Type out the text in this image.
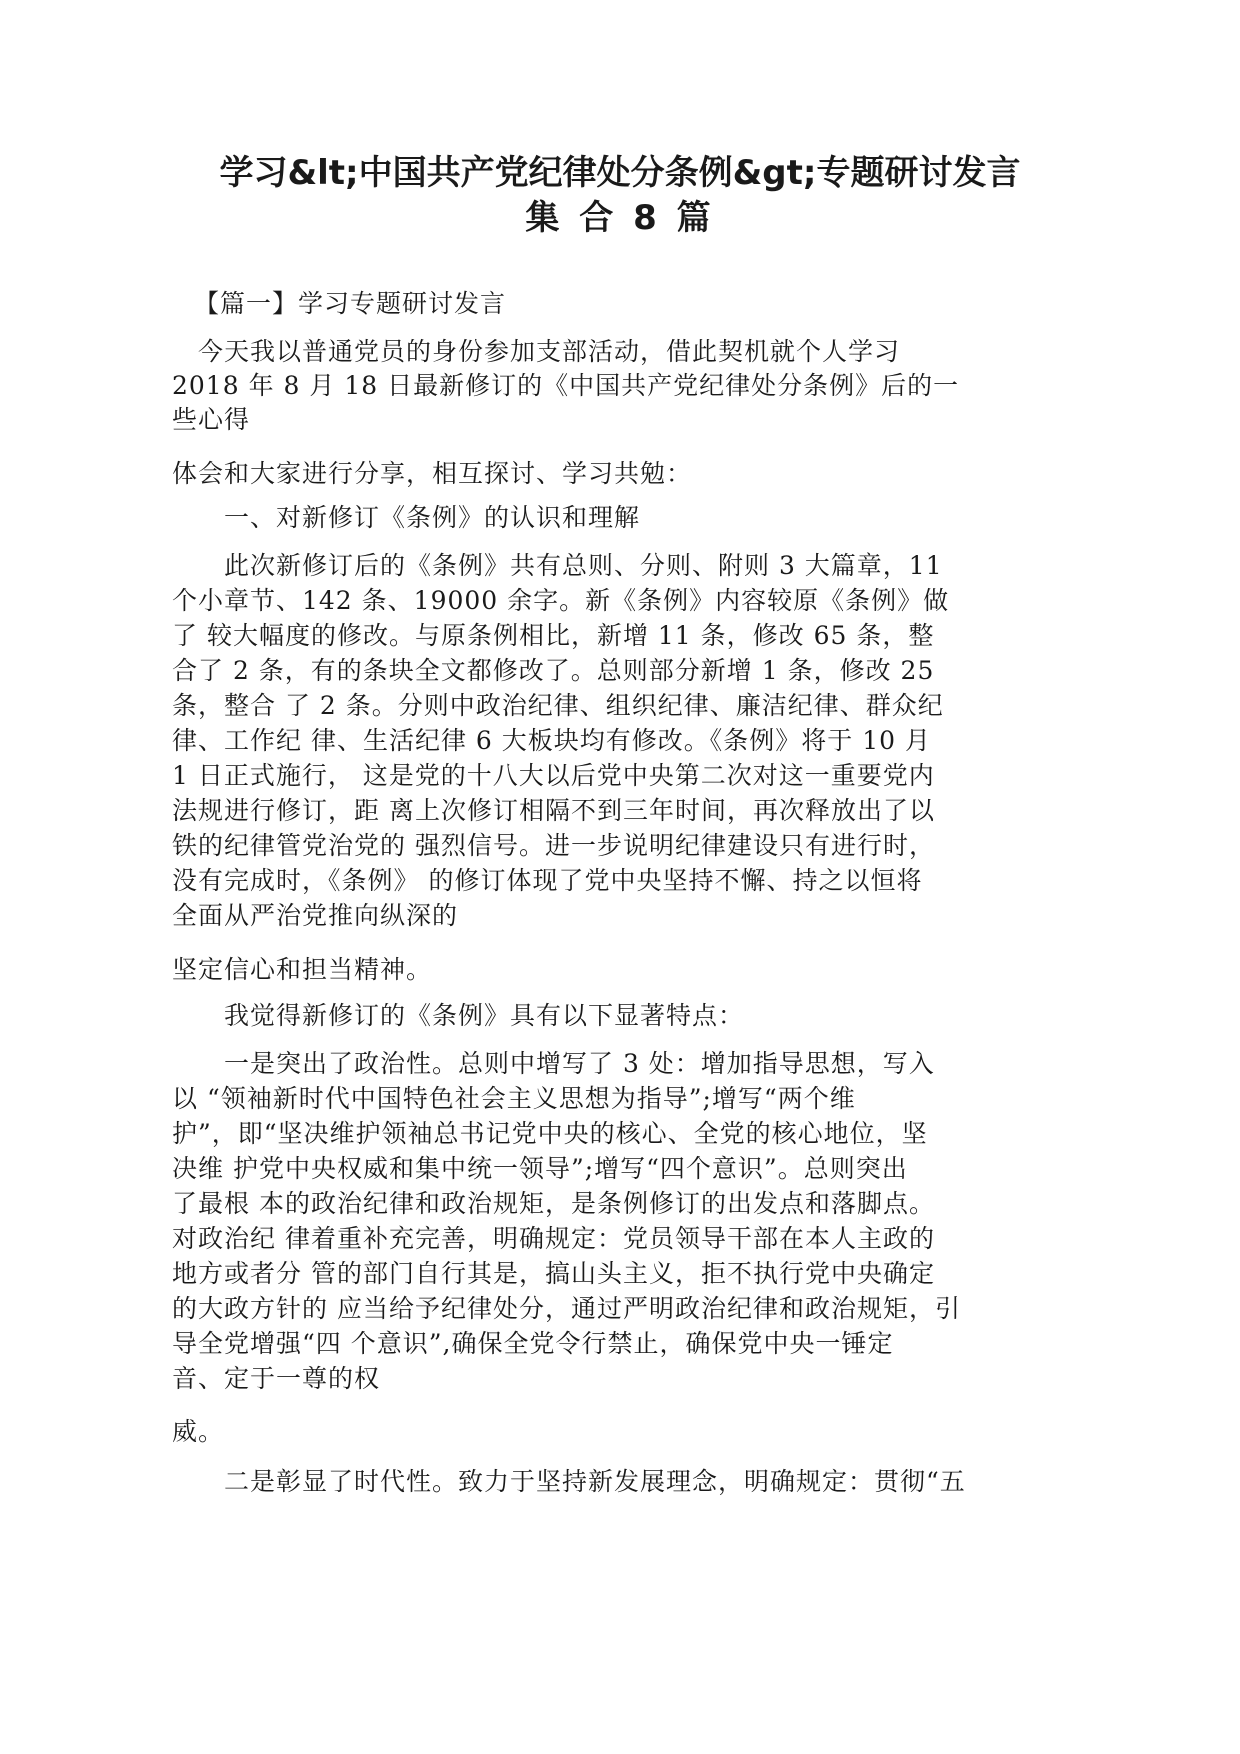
学习&lt;中国共产党纪律处分条例&gt;专题研讨发言
集 合 8 篇

【篇一】学习专题研讨发言

今天我以普通党员的身份参加支部活动，借此契机就个人学习

2018 年 8 月 18 日最新修订的《中国共产党纪律处分条例》后的一

些心得

体会和大家进行分享，相互探讨、学习共勉：

一、对新修订《条例》的认识和理解

此次新修订后的《条例》共有总则、分则、附则 3 大篇章，11

个小章节、142 条、19000 余字。新《条例》内容较原《条例》做

了 较大幅度的修改。与原条例相比，新增 11 条，修改 65 条，整

合了 2 条，有的条块全文都修改了。总则部分新增 1 条，修改 25

条，整合 了 2 条。分则中政治纪律、组织纪律、廉洁纪律、群众纪

律、工作纪 律、生活纪律 6 大板块均有修改。《条例》将于 10 月

1 日正式施行， 这是党的十八大以后党中央第二次对这一重要党内

法规进行修订，距 离上次修订相隔不到三年时间，再次释放出了以

铁的纪律管党治党的 强烈信号。进一步说明纪律建设只有进行时，

没有完成时，《条例》 的修订体现了党中央坚持不懈、持之以恒将

全面从严治党推向纵深的

坚定信心和担当精神。

我觉得新修订的《条例》具有以下显著特点：

一是突出了政治性。总则中增写了 3 处：增加指导思想，写入

以 “领袖新时代中国特色社会主义思想为指导”;增写“两个维

护”，即“坚决维护领袖总书记党中央的核心、全党的核心地位，坚

决维 护党中央权威和集中统一领导”;增写“四个意识”。总则突出

了最根 本的政治纪律和政治规矩，是条例修订的出发点和落脚点。

对政治纪 律着重补充完善，明确规定：党员领导干部在本人主政的

地方或者分 管的部门自行其是，搞山头主义，拒不执行党中央确定

的大政方针的 应当给予纪律处分，通过严明政治纪律和政治规矩，引

导全党增强“四 个意识”,确保全党令行禁止，确保党中央一锤定

音、定于一尊的权

威。

二是彰显了时代性。致力于坚持新发展理念，明确规定：贯彻“五
